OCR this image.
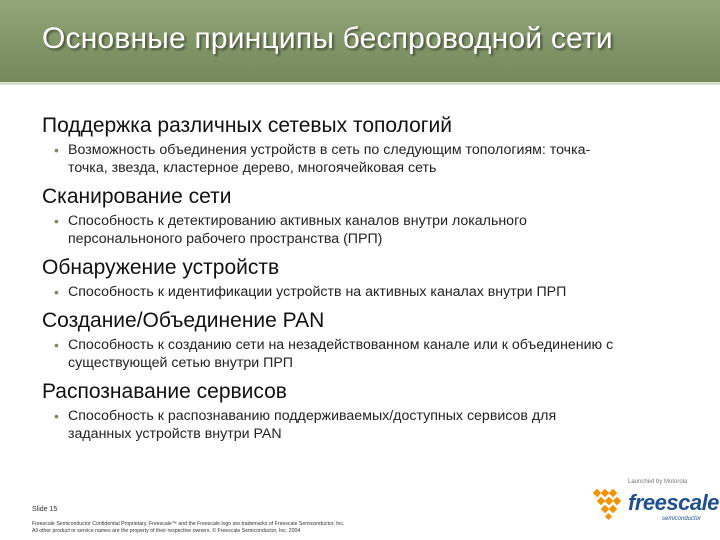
Основные принципы беспроводной сети
Поддержка различных сетевых топологий
• Возможность объединения устройств в сеть по следующим топологиям: точка-
точка, звезда, кластерное дерево, многоячейковая сеть
Сканирование сети
• Способность к детектированию активных каналов внутри локального
персональноного рабочего пространства (ПРП)
Обнаружение устройств
• Способность к идентификации устройств на активных каналах внутри ПРП
Создание/Объединение PAN
• Способность к созданию сети на незадействованном канале или к объединению с
существующей сетью внутри ПРП
Распознавание сервисов
• Способность к распознаванию поддерживаемых/доступных сервисов для
заданных устройств внутри PAN
Slide 15
Freescale Semiconductor Confidential Proprietary. Freescale™ and the Freescale logo are trademarks of Freescale Semiconductor, Inc.
All other product or service names are the property of their respective owners. © Freescale Semiconductor, Inc. 2004
Launched by Motorola
freescale
semiconductor
